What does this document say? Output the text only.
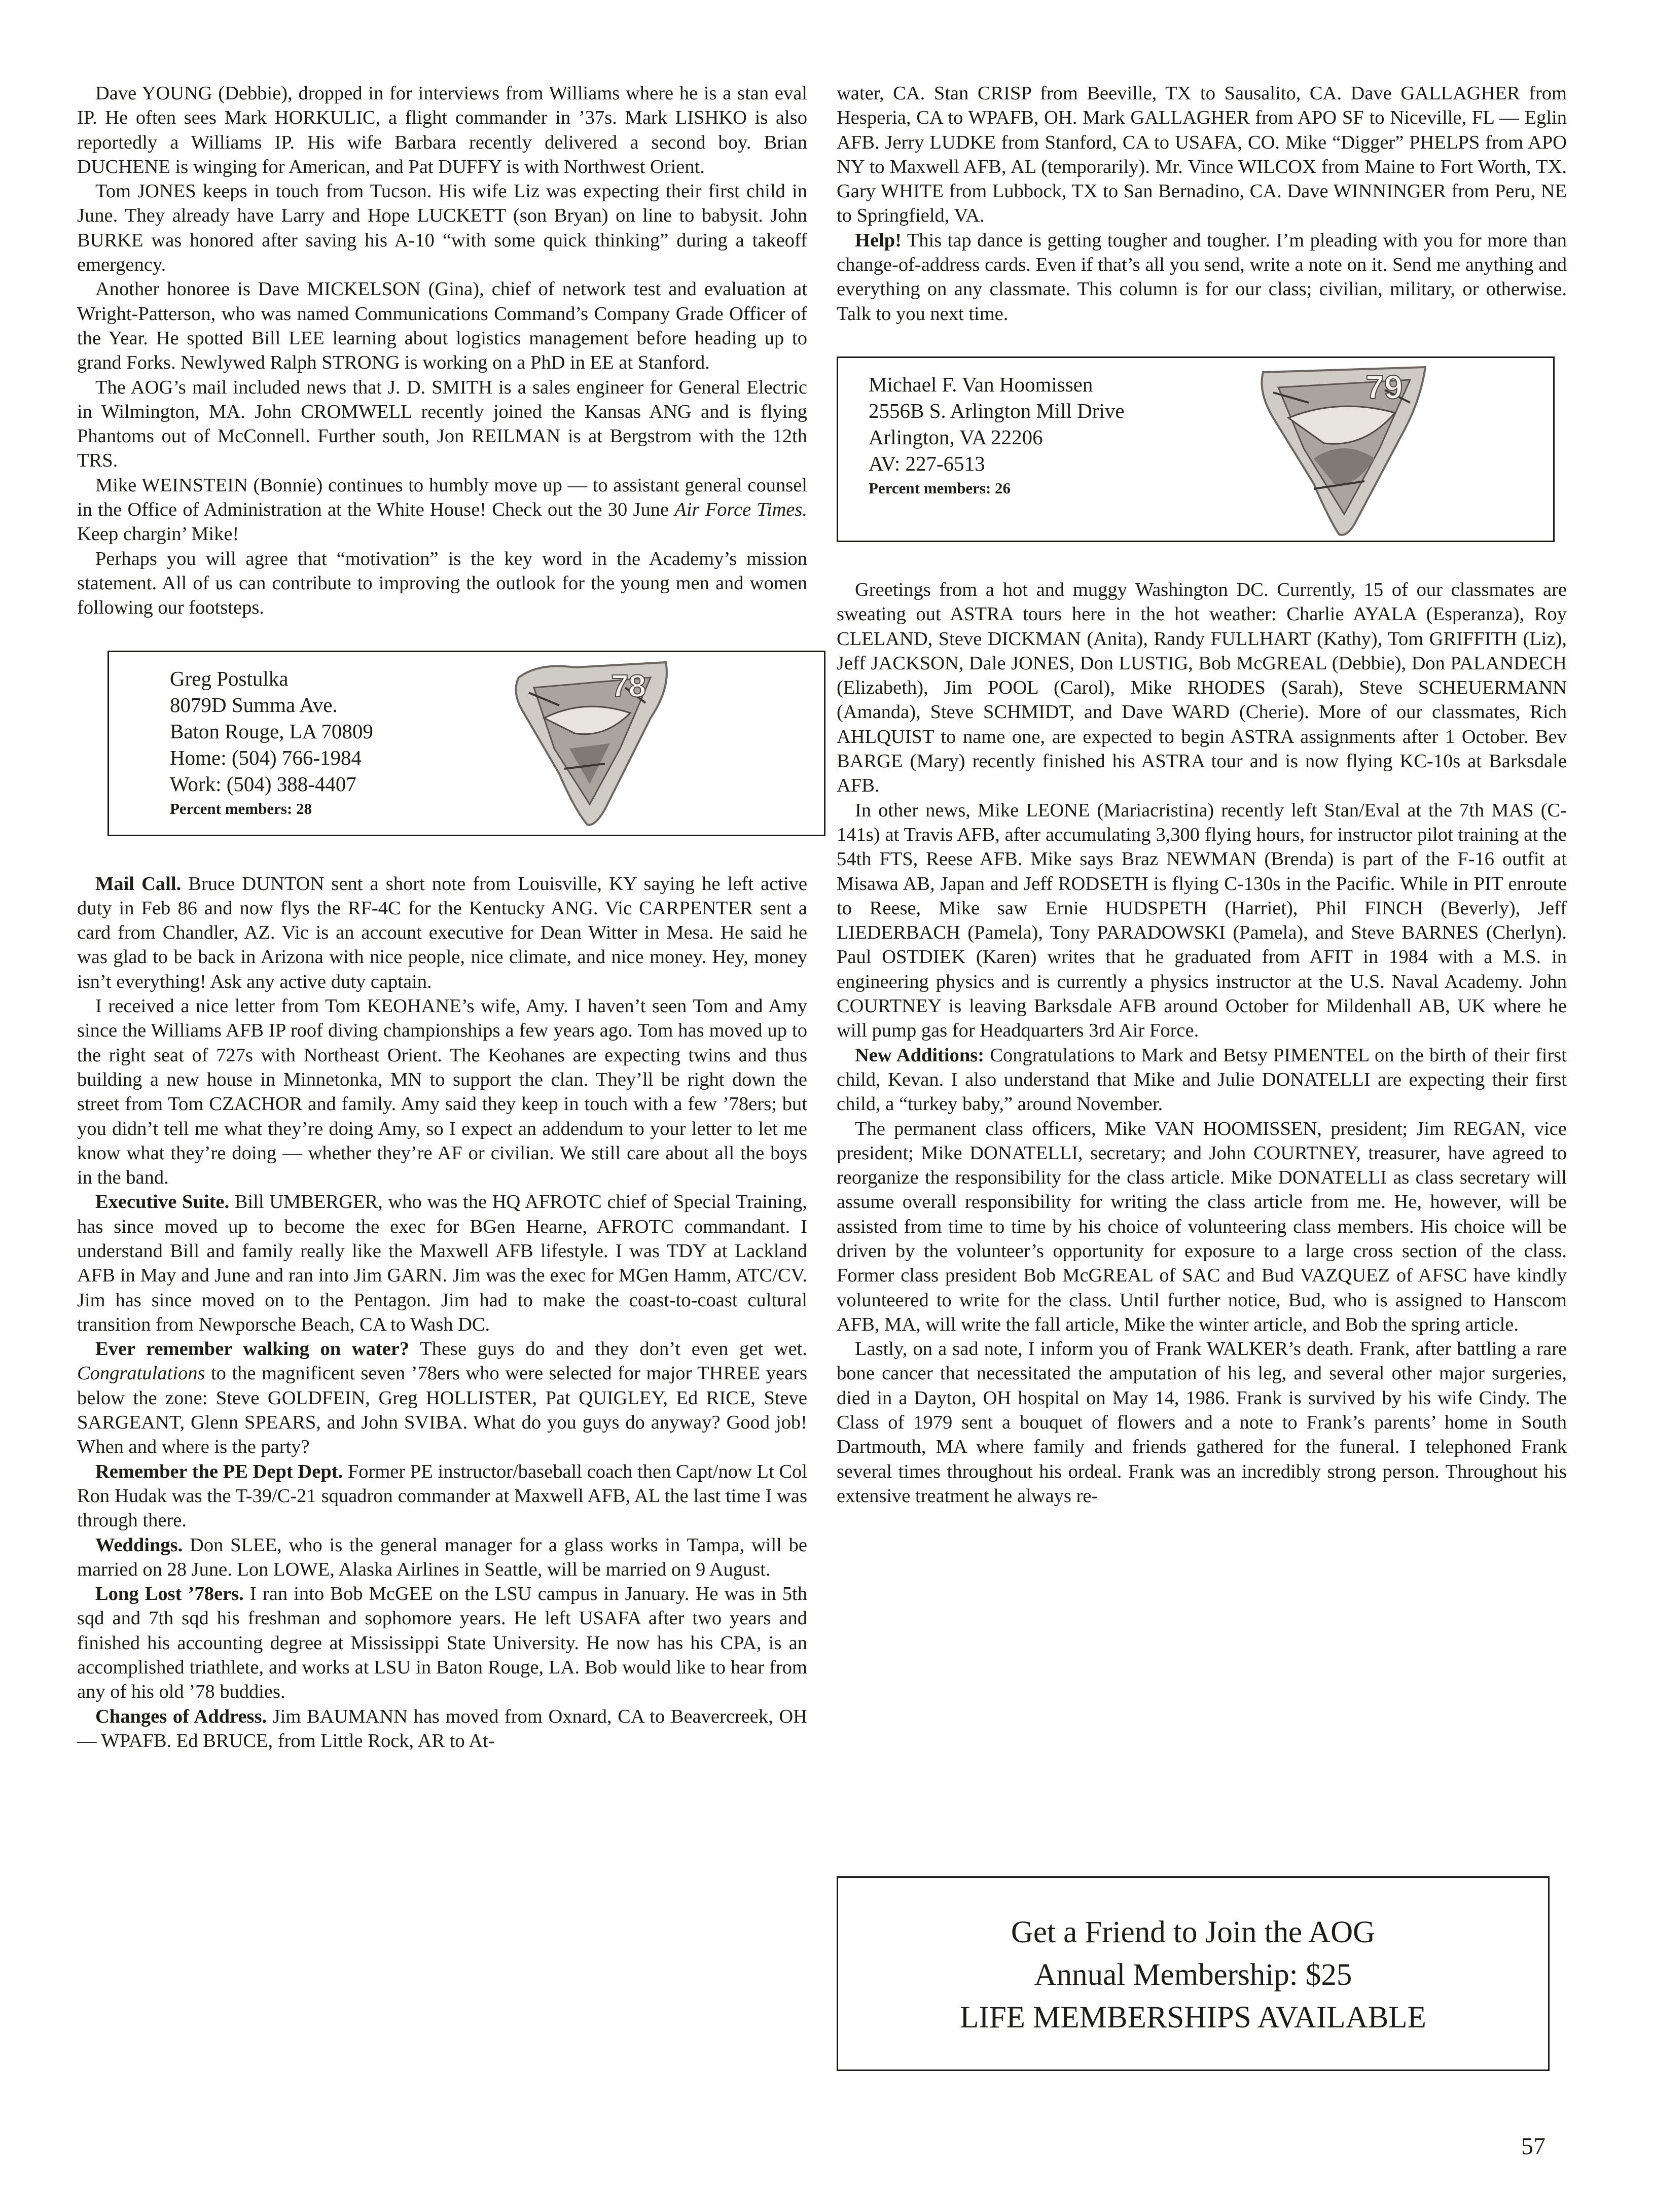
Dave YOUNG (Debbie), dropped in for interviews from Williams where he is a stan eval IP. He often sees Mark HORKULIC, a flight commander in ’37s. Mark LISHKO is also reportedly a Williams IP. His wife Barbara recently delivered a second boy. Brian DUCHENE is winging for American, and Pat DUFFY is with Northwest Orient.

Tom JONES keeps in touch from Tucson. His wife Liz was expecting their first child in June. They already have Larry and Hope LUCKETT (son Bryan) on line to babysit. John BURKE was honored after saving his A-10 “with some quick thinking” during a takeoff emergency.

Another honoree is Dave MICKELSON (Gina), chief of network test and evaluation at Wright-Patterson, who was named Communications Command’s Company Grade Officer of the Year. He spotted Bill LEE learning about logistics management before heading up to grand Forks. Newlywed Ralph STRONG is working on a PhD in EE at Stanford.

The AOG’s mail included news that J. D. SMITH is a sales engineer for General Electric in Wilmington, MA. John CROMWELL recently joined the Kansas ANG and is flying Phantoms out of McConnell. Further south, Jon REILMAN is at Bergstrom with the 12th TRS.

Mike WEINSTEIN (Bonnie) continues to humbly move up — to assistant general counsel in the Office of Administration at the White House! Check out the 30 June Air Force Times. Keep chargin’ Mike!

Perhaps you will agree that “motivation” is the key word in the Academy’s mission statement. All of us can contribute to improving the outlook for the young men and women following our footsteps.

Greg Postulka
8079D Summa Ave.
Baton Rouge, LA 70809
Home: (504) 766-1984
Work: (504) 388-4407
Percent members: 28
78

Mail Call. Bruce DUNTON sent a short note from Louisville, KY saying he left active duty in Feb 86 and now flys the RF-4C for the Kentucky ANG. Vic CARPENTER sent a card from Chandler, AZ. Vic is an account executive for Dean Witter in Mesa. He said he was glad to be back in Arizona with nice people, nice climate, and nice money. Hey, money isn’t everything! Ask any active duty captain.

I received a nice letter from Tom KEOHANE’s wife, Amy. I haven’t seen Tom and Amy since the Williams AFB IP roof diving championships a few years ago. Tom has moved up to the right seat of 727s with Northeast Orient. The Keohanes are expecting twins and thus building a new house in Minnetonka, MN to support the clan. They’ll be right down the street from Tom CZACHOR and family. Amy said they keep in touch with a few ’78ers; but you didn’t tell me what they’re doing Amy, so I expect an addendum to your letter to let me know what they’re doing — whether they’re AF or civilian. We still care about all the boys in the band.

Executive Suite. Bill UMBERGER, who was the HQ AFROTC chief of Special Training, has since moved up to become the exec for BGen Hearne, AFROTC commandant. I understand Bill and family really like the Maxwell AFB lifestyle. I was TDY at Lackland AFB in May and June and ran into Jim GARN. Jim was the exec for MGen Hamm, ATC/CV. Jim has since moved on to the Pentagon. Jim had to make the coast-to-coast cultural transition from Newporsche Beach, CA to Wash DC.

Ever remember walking on water? These guys do and they don’t even get wet. Congratulations to the magnificent seven ’78ers who were selected for major THREE years below the zone: Steve GOLDFEIN, Greg HOLLISTER, Pat QUIGLEY, Ed RICE, Steve SARGEANT, Glenn SPEARS, and John SVIBA. What do you guys do anyway? Good job! When and where is the party?

Remember the PE Dept Dept. Former PE instructor/baseball coach then Capt/now Lt Col Ron Hudak was the T-39/C-21 squadron commander at Maxwell AFB, AL the last time I was through there.

Weddings. Don SLEE, who is the general manager for a glass works in Tampa, will be married on 28 June. Lon LOWE, Alaska Airlines in Seattle, will be married on 9 August.

Long Lost ’78ers. I ran into Bob McGEE on the LSU campus in January. He was in 5th sqd and 7th sqd his freshman and sophomore years. He left USAFA after two years and finished his accounting degree at Mississippi State University. He now has his CPA, is an accomplished triathlete, and works at LSU in Baton Rouge, LA. Bob would like to hear from any of his old ’78 buddies.

Changes of Address. Jim BAUMANN has moved from Oxnard, CA to Beavercreek, OH — WPAFB. Ed BRUCE, from Little Rock, AR to At-

water, CA. Stan CRISP from Beeville, TX to Sausalito, CA. Dave GALLAGHER from Hesperia, CA to WPAFB, OH. Mark GALLAGHER from APO SF to Niceville, FL — Eglin AFB. Jerry LUDKE from Stanford, CA to USAFA, CO. Mike “Digger” PHELPS from APO NY to Maxwell AFB, AL (temporarily). Mr. Vince WILCOX from Maine to Fort Worth, TX. Gary WHITE from Lubbock, TX to San Bernadino, CA. Dave WINNINGER from Peru, NE to Springfield, VA.

Help! This tap dance is getting tougher and tougher. I’m pleading with you for more than change-of-address cards. Even if that’s all you send, write a note on it. Send me anything and everything on any classmate. This column is for our class; civilian, military, or otherwise. Talk to you next time.

Michael F. Van Hoomissen
2556B S. Arlington Mill Drive
Arlington, VA 22206
AV: 227-6513
Percent members: 26
79

Greetings from a hot and muggy Washington DC. Currently, 15 of our classmates are sweating out ASTRA tours here in the hot weather: Charlie AYALA (Esperanza), Roy CLELAND, Steve DICKMAN (Anita), Randy FULLHART (Kathy), Tom GRIFFITH (Liz), Jeff JACKSON, Dale JONES, Don LUSTIG, Bob McGREAL (Debbie), Don PALANDECH (Elizabeth), Jim POOL (Carol), Mike RHODES (Sarah), Steve SCHEUERMANN (Amanda), Steve SCHMIDT, and Dave WARD (Cherie). More of our classmates, Rich AHLQUIST to name one, are expected to begin ASTRA assignments after 1 October. Bev BARGE (Mary) recently finished his ASTRA tour and is now flying KC-10s at Barksdale AFB.

In other news, Mike LEONE (Mariacristina) recently left Stan/Eval at the 7th MAS (C-141s) at Travis AFB, after accumulating 3,300 flying hours, for instructor pilot training at the 54th FTS, Reese AFB. Mike says Braz NEWMAN (Brenda) is part of the F-16 outfit at Misawa AB, Japan and Jeff RODSETH is flying C-130s in the Pacific. While in PIT enroute to Reese, Mike saw Ernie HUDSPETH (Harriet), Phil FINCH (Beverly), Jeff LIEDERBACH (Pamela), Tony PARADOWSKI (Pamela), and Steve BARNES (Cherlyn). Paul OSTDIEK (Karen) writes that he graduated from AFIT in 1984 with a M.S. in engineering physics and is currently a physics instructor at the U.S. Naval Academy. John COURTNEY is leaving Barksdale AFB around October for Mildenhall AB, UK where he will pump gas for Headquarters 3rd Air Force.

New Additions: Congratulations to Mark and Betsy PIMENTEL on the birth of their first child, Kevan. I also understand that Mike and Julie DONATELLI are expecting their first child, a “turkey baby,” around November.

The permanent class officers, Mike VAN HOOMISSEN, president; Jim REGAN, vice president; Mike DONATELLI, secretary; and John COURTNEY, treasurer, have agreed to reorganize the responsibility for the class article. Mike DONATELLI as class secretary will assume overall responsibility for writing the class article from me. He, however, will be assisted from time to time by his choice of volunteering class members. His choice will be driven by the volunteer’s opportunity for exposure to a large cross section of the class. Former class president Bob McGREAL of SAC and Bud VAZQUEZ of AFSC have kindly volunteered to write for the class. Until further notice, Bud, who is assigned to Hanscom AFB, MA, will write the fall article, Mike the winter article, and Bob the spring article.

Lastly, on a sad note, I inform you of Frank WALKER’s death. Frank, after battling a rare bone cancer that necessitated the amputation of his leg, and several other major surgeries, died in a Dayton, OH hospital on May 14, 1986. Frank is survived by his wife Cindy. The Class of 1979 sent a bouquet of flowers and a note to Frank’s parents’ home in South Dartmouth, MA where family and friends gathered for the funeral. I telephoned Frank several times throughout his ordeal. Frank was an incredibly strong person. Throughout his extensive treatment he always re-

Get a Friend to Join the AOG
Annual Membership: $25
LIFE MEMBERSHIPS AVAILABLE
57
